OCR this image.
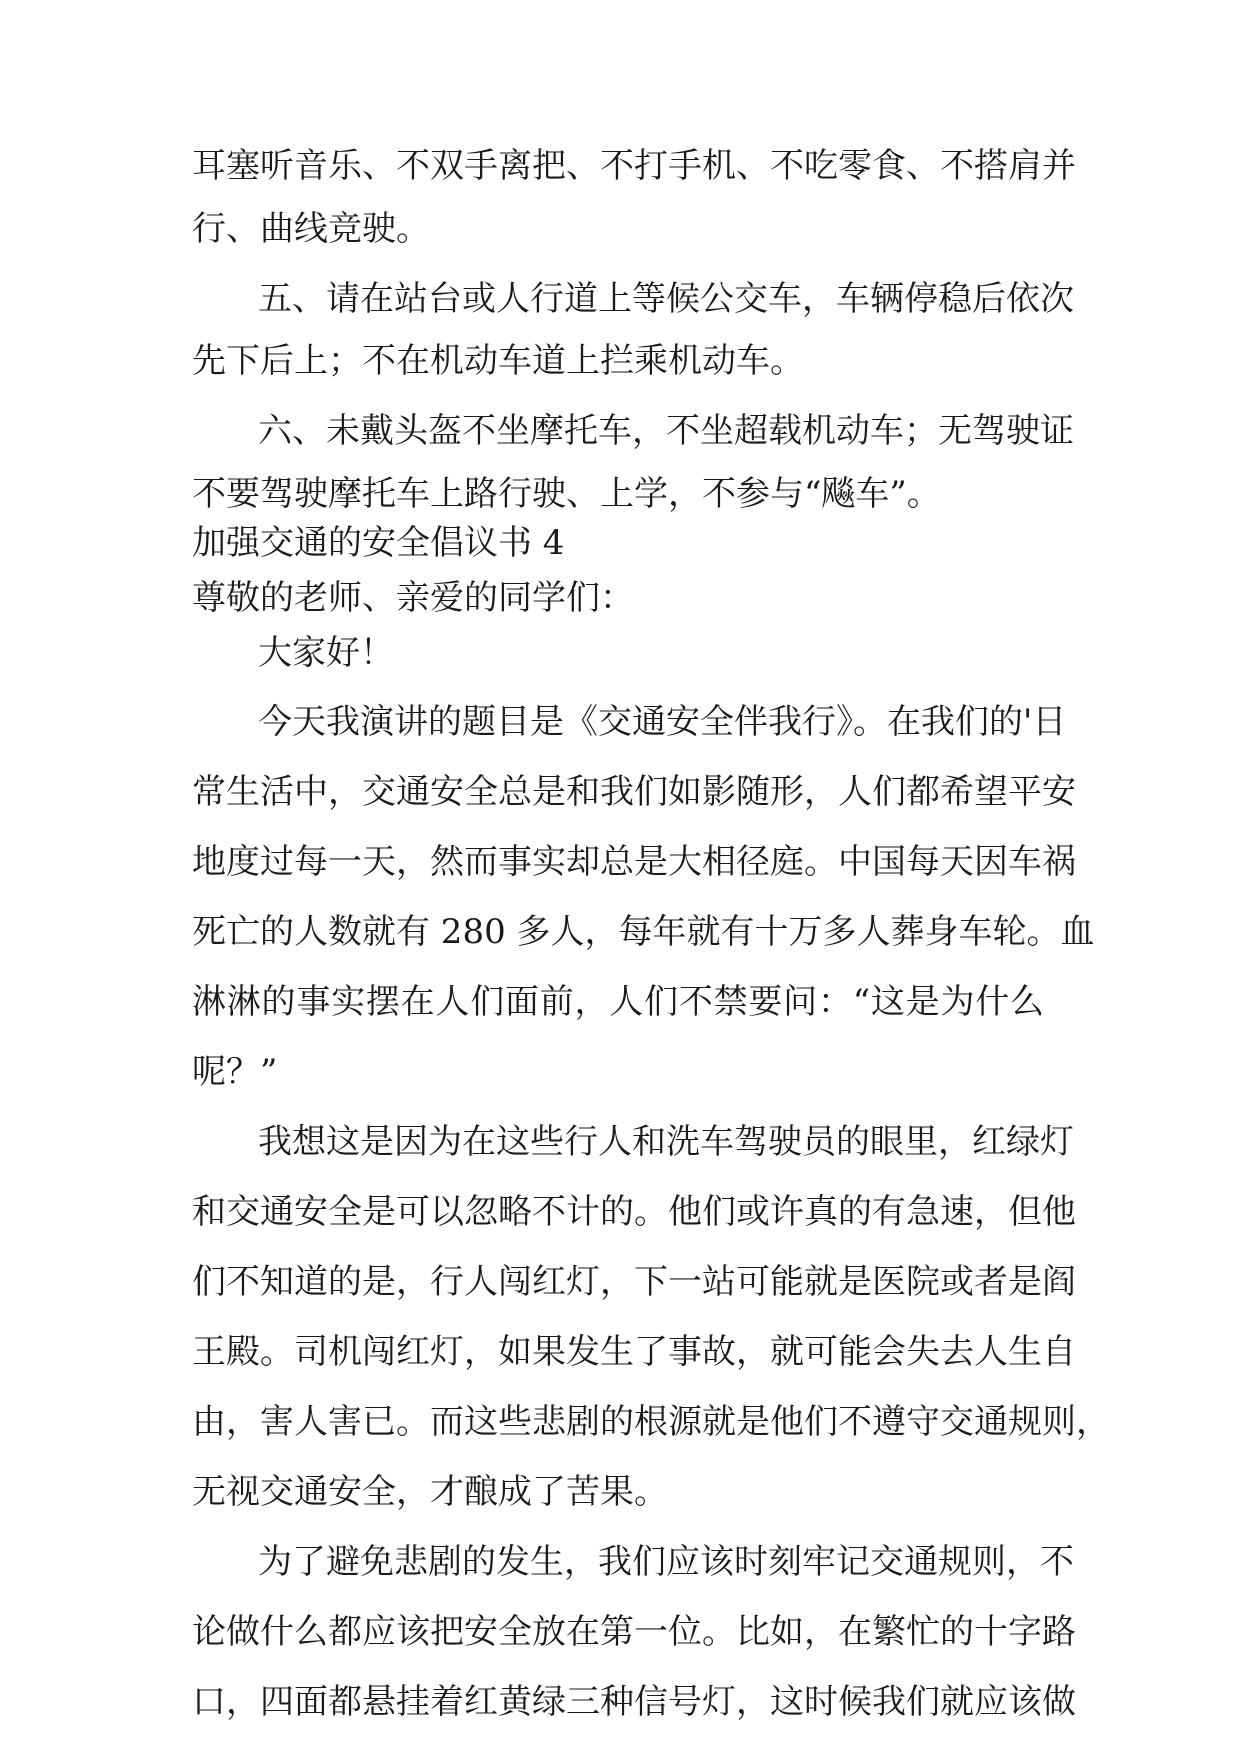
耳塞听音乐、不双手离把、不打手机、不吃零食、不搭肩并
行、曲线竞驶。
五、请在站台或人行道上等候公交车，车辆停稳后依次
先下后上；不在机动车道上拦乘机动车。
六、未戴头盔不坐摩托车，不坐超载机动车；无驾驶证
不要驾驶摩托车上路行驶、上学，不参与“飚车”。
加强交通的安全倡议书 4
尊敬的老师、亲爱的同学们：
大家好！
今天我演讲的题目是《交通安全伴我行》。在我们的'日
常生活中，交通安全总是和我们如影随形，人们都希望平安
地度过每一天，然而事实却总是大相径庭。中国每天因车祸
死亡的人数就有 280 多人，每年就有十万多人葬身车轮。血
淋淋的事实摆在人们面前，人们不禁要问：“这是为什么
呢？”
我想这是因为在这些行人和洗车驾驶员的眼里，红绿灯
和交通安全是可以忽略不计的。他们或许真的有急速，但他
们不知道的是，行人闯红灯，下一站可能就是医院或者是阎
王殿。司机闯红灯，如果发生了事故，就可能会失去人生自
由，害人害已。而这些悲剧的根源就是他们不遵守交通规则，
无视交通安全，才酿成了苦果。
为了避免悲剧的发生，我们应该时刻牢记交通规则，不
论做什么都应该把安全放在第一位。比如，在繁忙的十字路
口，四面都悬挂着红黄绿三种信号灯，这时候我们就应该做
